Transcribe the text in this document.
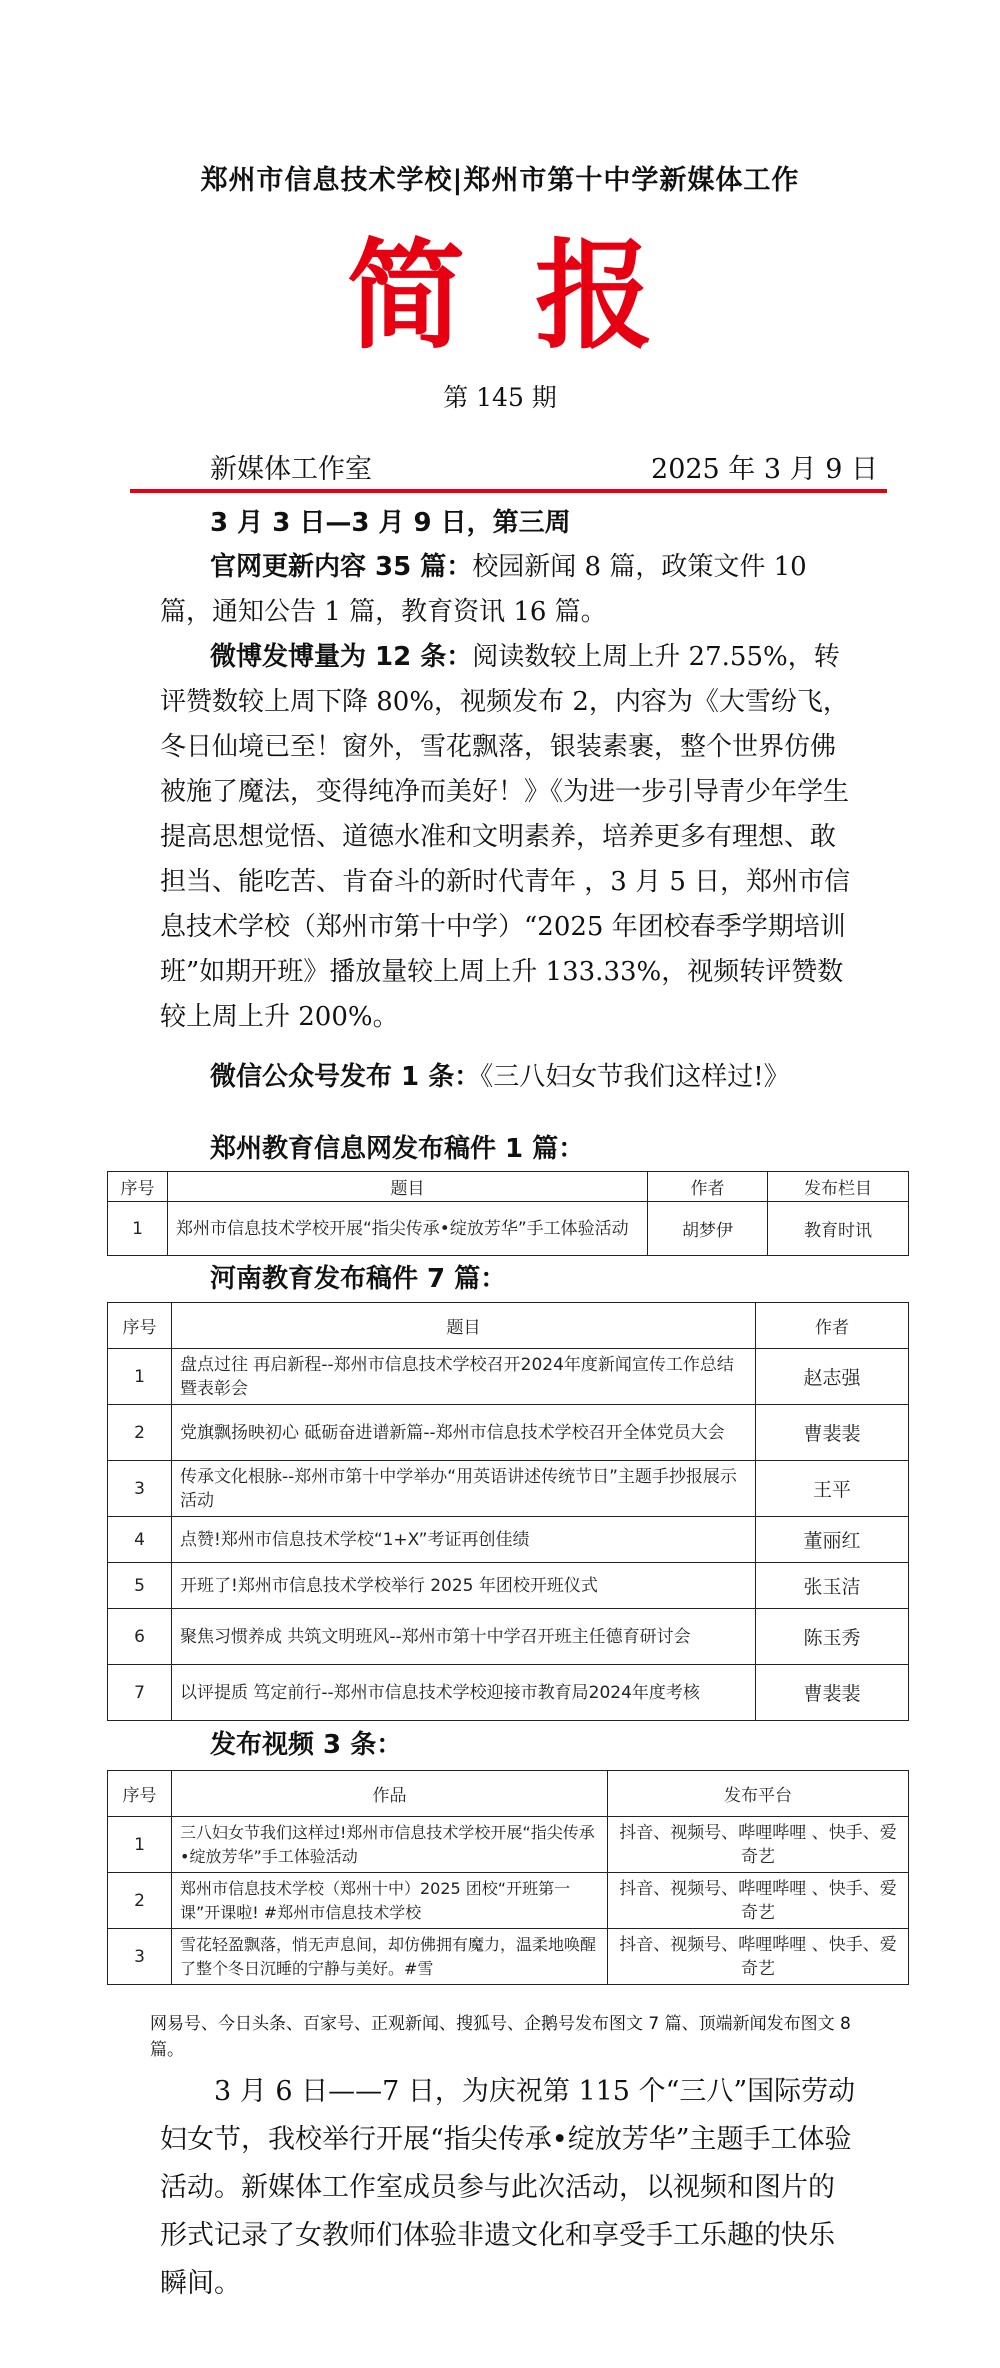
郑州市信息技术学校|郑州市第十中学新媒体工作
简报
第 145 期
新媒体工作室	2025 年 3 月 9 日
3 月 3 日—3 月 9 日，第三周

官网更新内容 35 篇：校园新闻 8 篇，政策文件 10 篇，通知公告 1 篇，教育资讯 16 篇。

微博发博量为 12 条：阅读数较上周上升 27.55%，转评赞数较上周下降 80%，视频发布 2，内容为《大雪纷飞，冬日仙境已至！窗外，雪花飘落，银装素裹，整个世界仿佛被施了魔法，变得纯净而美好！》《为进一步引导青少年学生提高思想觉悟、道德水准和文明素养，培养更多有理想、敢担当、能吃苦、肯奋斗的新时代青年 ，3 月 5 日，郑州市信息技术学校（郑州市第十中学）“2025 年团校春季学期培训班”如期开班》播放量较上周上升 133.33%，视频转评赞数较上周上升 200%。

微信公众号发布 1 条：《三八妇女节我们这样过!》

郑州教育信息网发布稿件 1 篇：
序号	题目	作者	发布栏目
1	郑州市信息技术学校开展“指尖传承•绽放芳华”手工体验活动	胡梦伊	教育时讯
河南教育发布稿件 7 篇：
序号	题目	作者
1	盘点过往 再启新程--郑州市信息技术学校召开2024年度新闻宣传工作总结暨表彰会	赵志强
2	党旗飘扬映初心 砥砺奋进谱新篇--郑州市信息技术学校召开全体党员大会	曹裴裴
3	传承文化根脉--郑州市第十中学举办“用英语讲述传统节日”主题手抄报展示活动	王平
4	点赞!郑州市信息技术学校“1+X”考证再创佳绩	董丽红
5	开班了!郑州市信息技术学校举行 2025 年团校开班仪式	张玉洁
6	聚焦习惯养成 共筑文明班风--郑州市第十中学召开班主任德育研讨会	陈玉秀
7	以评提质 笃定前行--郑州市信息技术学校迎接市教育局2024年度考核	曹裴裴
发布视频 3 条：
序号	作品	发布平台
1	三八妇女节我们这样过!郑州市信息技术学校开展“指尖传承•绽放芳华”手工体验活动	抖音、视频号、哔哩哔哩 、快手、爱奇艺
2	郑州市信息技术学校（郑州十中）2025 团校“开班第一课”开课啦! #郑州市信息技术学校	抖音、视频号、哔哩哔哩 、快手、爱奇艺
3	雪花轻盈飘落，悄无声息间，却仿佛拥有魔力，温柔地唤醒了整个冬日沉睡的宁静与美好。#雪	抖音、视频号、哔哩哔哩 、快手、爱奇艺

网易号、今日头条、百家号、正观新闻、搜狐号、企鹅号发布图文 7 篇、顶端新闻发布图文 8 篇。

3 月 6 日——7 日，为庆祝第 115 个“三八”国际劳动妇女节，我校举行开展“指尖传承•绽放芳华”主题手工体验活动。新媒体工作室成员参与此次活动，以视频和图片的形式记录了女教师们体验非遗文化和享受手工乐趣的快乐瞬间。
